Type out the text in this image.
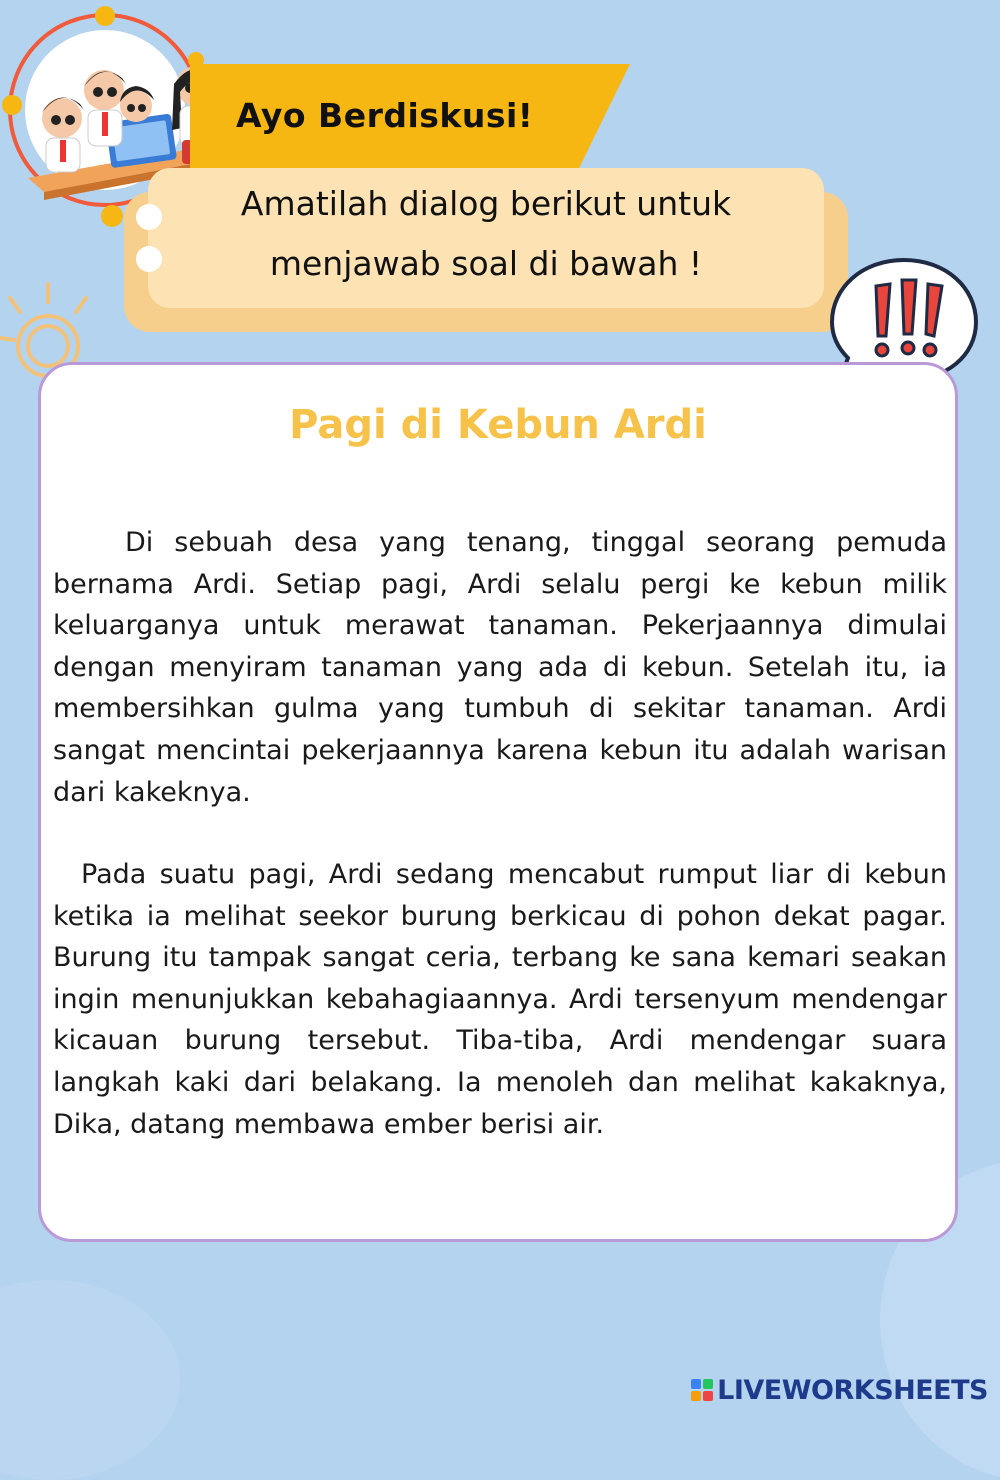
Ayo Berdiskusi!

Amatilah dialog berikut untuk

menjawab soal di bawah !

Pagi di Kebun Ardi

Di sebuah desa yang tenang, tinggal seorang pemuda bernama Ardi. Setiap pagi, Ardi selalu pergi ke kebun milik keluarganya untuk merawat tanaman. Pekerjaannya dimulai dengan menyiram tanaman yang ada di kebun. Setelah itu, ia membersihkan gulma yang tumbuh di sekitar tanaman. Ardi sangat mencintai pekerjaannya karena kebun itu adalah warisan dari kakeknya.

Pada suatu pagi, Ardi sedang mencabut rumput liar di kebun ketika ia melihat seekor burung berkicau di pohon dekat pagar. Burung itu tampak sangat ceria, terbang ke sana kemari seakan ingin menunjukkan kebahagiaannya. Ardi tersenyum mendengar kicauan burung tersebut. Tiba-tiba, Ardi mendengar suara langkah kaki dari belakang. Ia menoleh dan melihat kakaknya, Dika, datang membawa ember berisi air.

LIVEWORKSHEETS
